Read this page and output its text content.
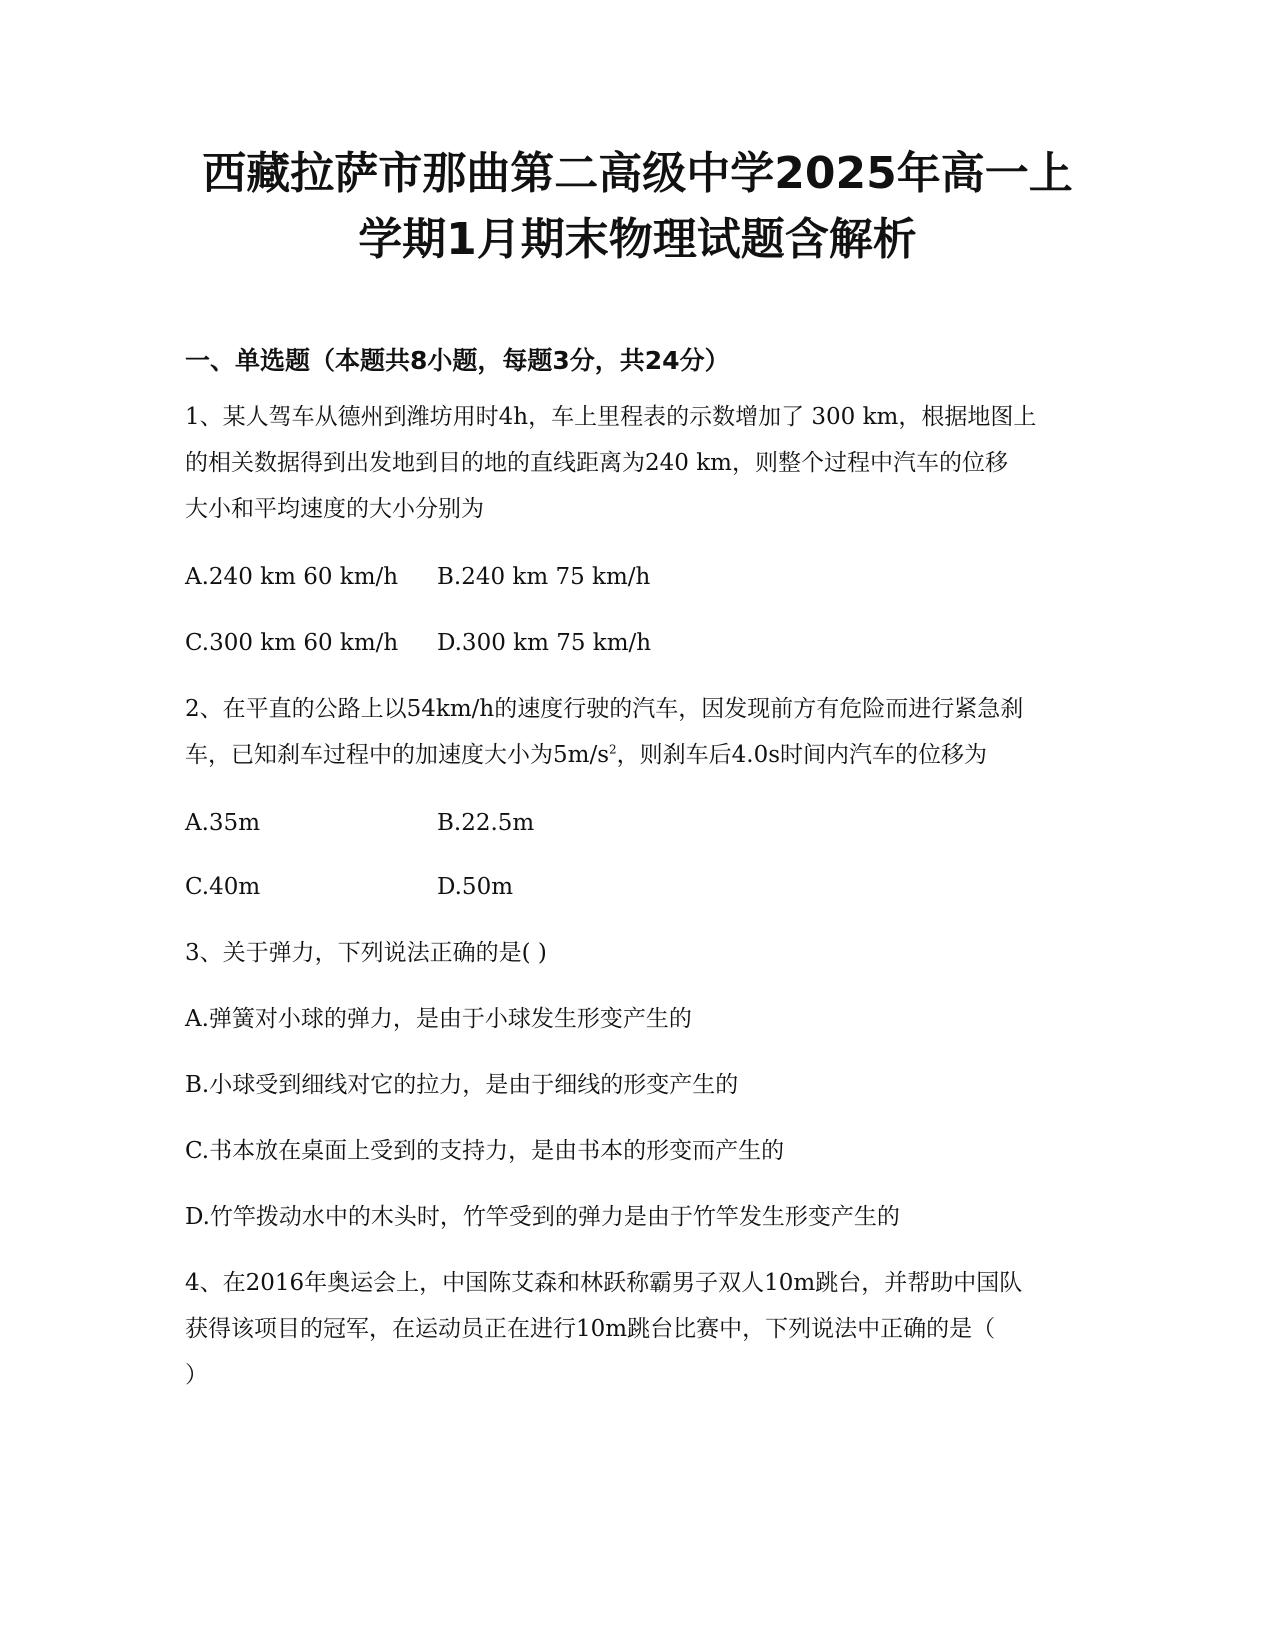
西藏拉萨市那曲第二高级中学2025年高一上
学期1月期末物理试题含解析
一、单选题（本题共8小题，每题3分，共24分）
1、某人驾车从德州到潍坊用时4h，车上里程表的示数增加了 300 km，根据地图上
的相关数据得到出发地到目的地的直线距离为240 km，则整个过程中汽车的位移
大小和平均速度的大小分别为
A.240 km 60 km/h B.240 km 75 km/h
C.300 km 60 km/h D.300 km 75 km/h
2、在平直的公路上以54km/h的速度行驶的汽车，因发现前方有危险而进行紧急刹
车，已知刹车过程中的加速度大小为$5m/s^2$，则刹车后4.0s时间内汽车的位移为
A.35m	B.22.5m
C.40m	D.50m
3、关于弹力，下列说法正确的是( )
A.弹簧对小球的弹力，是由于小球发生形变产生的
B.小球受到细线对它的拉力，是由于细线的形变产生的
C.书本放在桌面上受到的支持力，是由书本的形变而产生的
D.竹竿拨动水中的木头时，竹竿受到的弹力是由于竹竿发生形变产生的
4、在2016年奥运会上，中国陈艾森和林跃称霸男子双人10m跳台，并帮助中国队
获得该项目的冠军，在运动员正在进行10m跳台比赛中，下列说法中正确的是（
）
